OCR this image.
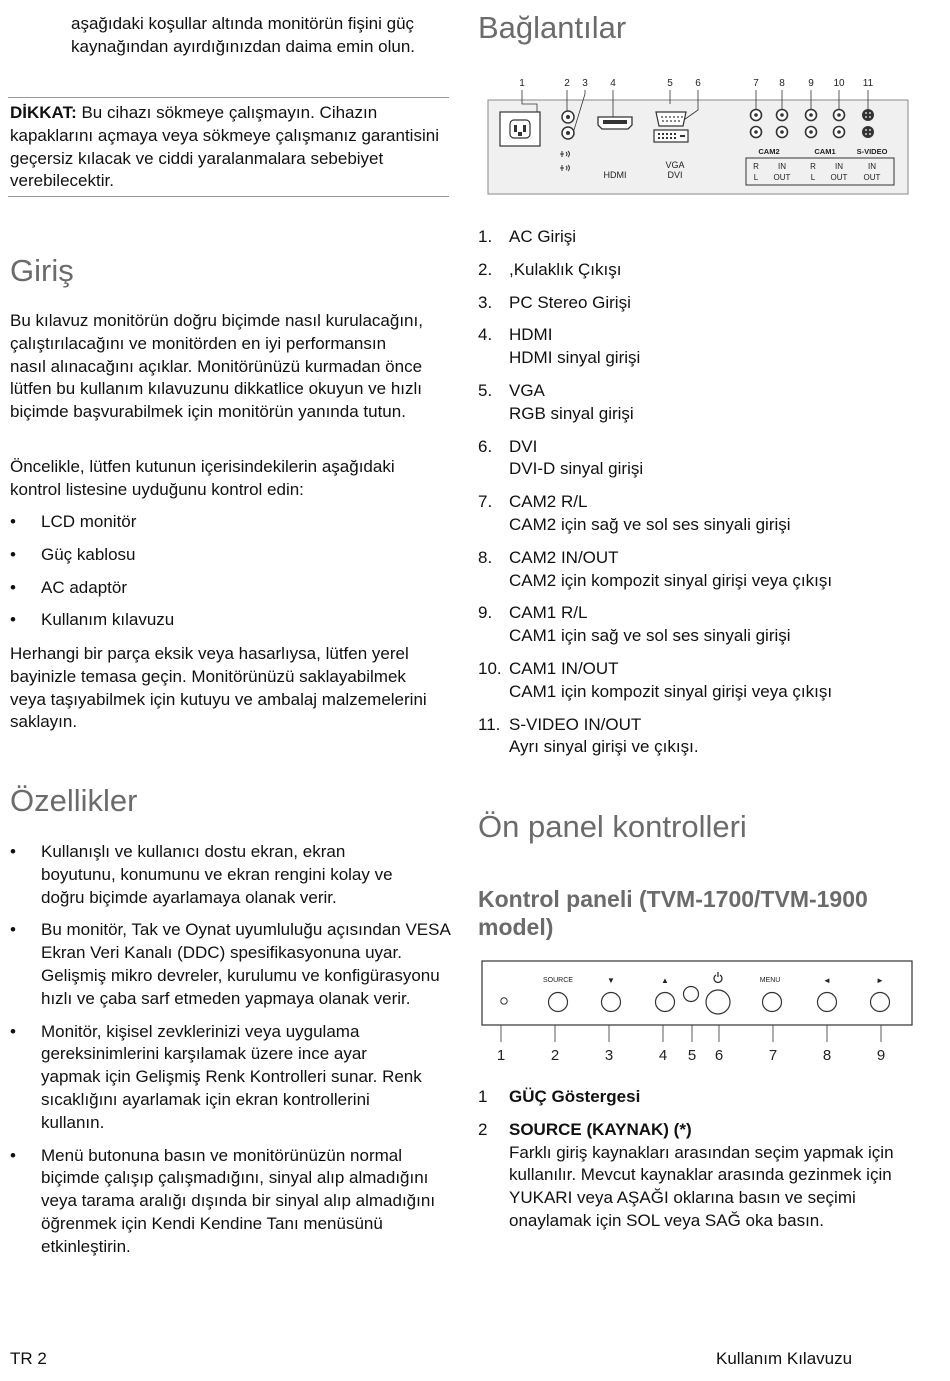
aşağıdaki koşullar altında monitörün fişini güç kaynağından ayırdığınızdan daima emin olun.

DİKKAT: Bu cihazı sökmeye çalışmayın. Cihazın kapaklarını açmaya veya sökmeye çalışmanız garantisini geçersiz kılacak ve ciddi yaralanmalara sebebiyet verebilecektir.

Giriş

Bu kılavuz monitörün doğru biçimde nasıl kurulacağını, çalıştırılacağını ve monitörden en iyi performansın nasıl alınacağını açıklar. Monitörünüzü kurmadan önce lütfen bu kullanım kılavuzunu dikkatlice okuyun ve hızlı biçimde başvurabilmek için monitörün yanında tutun.

Öncelikle, lütfen kutunun içerisindekilerin aşağıdaki kontrol listesine uyduğunu kontrol edin:

• LCD monitör
• Güç kablosu
• AC adaptör
• Kullanım kılavuzu

Herhangi bir parça eksik veya hasarlıysa, lütfen yerel bayinizle temasa geçin. Monitörünüzü saklayabilmek veya taşıyabilmek için kutuyu ve ambalaj malzemelerini saklayın.

Özellikler
• Kullanışlı ve kullanıcı dostu ekran, ekran boyutunu, konumunu ve ekran rengini kolay ve doğru biçimde ayarlamaya olanak verir.
• Bu monitör, Tak ve Oynat uyumluluğu açısından VESA Ekran Veri Kanalı (DDC) spesifikasyonuna uyar. Gelişmiş mikro devreler, kurulumu ve konfigürasyonu hızlı ve çaba sarf etmeden yapmaya olanak verir.
• Monitör, kişisel zevklerinizi veya uygulama gereksinimlerini karşılamak üzere ince ayar yapmak için Gelişmiş Renk Kontrolleri sunar. Renk sıcaklığını ayarlamak için ekran kontrollerini kullanın.
• Menü butonuna basın ve monitörünüzün normal biçimde çalışıp çalışmadığını, sinyal alıp almadığını veya tarama aralığı dışında bir sinyal alıp almadığını öğrenmek için Kendi Kendine Tanı menüsünü etkinleştirin.
Bağlantılar
1	2 3 4	5 6	7 8 9 10 11
HDMI
VGA
DVI
CAM2	CAM1	S-VIDEO
R
L
IN
OUT
R
L
IN
OUT
IN
OUT
1. AC Girişi
2. ,Kulaklık Çıkışı
3. PC Stereo Girişi
4. HDMI
HDMI sinyal girişi
5. VGA
RGB sinyal girişi
6. DVI
DVI-D sinyal girişi
7. CAM2 R/L
CAM2 için sağ ve sol ses sinyali girişi
8. CAM2 IN/OUT
CAM2 için kompozit sinyal girişi veya çıkışı
9. CAM1 R/L
CAM1 için sağ ve sol ses sinyali girişi
10. CAM1 IN/OUT
CAM1 için kompozit sinyal girişi veya çıkışı
11. S-VIDEO IN/OUT
Ayrı sinyal girişi ve çıkışı.
Ön panel kontrolleri
Kontrol paneli (TVM-1700/TVM-1900 model)
SOURCE	MENU
▼	▲	◄	►
1	2	3	4 5 6	7	8	9
1 GÜÇ Göstergesi
2 SOURCE (KAYNAK) (*)
Farklı giriş kaynakları arasından seçim yapmak için kullanılır. Mevcut kaynaklar arasında gezinmek için YUKARI veya AŞAĞI oklarına basın ve seçimi onaylamak için SOL veya SAĞ oka basın.
TR 2	Kullanım Kılavuzu
